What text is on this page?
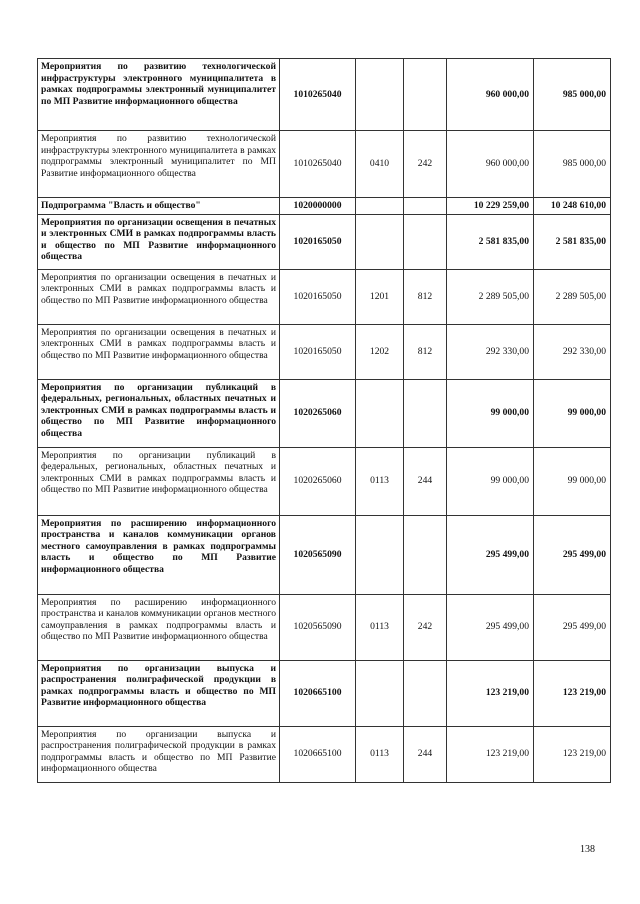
Мероприятия по развитию технологической инфраструктуры электронного муниципалитета в рамках подпрограммы электронный муниципалитет по МП Развитие информационного общества	1010265040			960 000,00	985 000,00
Мероприятия по развитию технологической инфраструктуры электронного муниципалитета в рамках подпрограммы электронный муниципалитет по МП Развитие информационного общества	1010265040	0410	242	960 000,00	985 000,00
Подпрограмма "Власть и общество"	1020000000			10 229 259,00	10 248 610,00
Мероприятия по организации освещения в печатных и электронных СМИ в рамках подпрограммы власть и общество по МП Развитие информационного общества	1020165050			2 581 835,00	2 581 835,00
Мероприятия по организации освещения в печатных и электронных СМИ в рамках подпрограммы власть и общество по МП Развитие информационного общества	1020165050	1201	812	2 289 505,00	2 289 505,00
Мероприятия по организации освещения в печатных и электронных СМИ в рамках подпрограммы власть и общество по МП Развитие информационного общества	1020165050	1202	812	292 330,00	292 330,00
Мероприятия по организации публикаций в федеральных, региональных, областных печатных и электронных СМИ в рамках подпрограммы власть и общество по МП Развитие информационного общества	1020265060			99 000,00	99 000,00
Мероприятия по организации публикаций в федеральных, региональных, областных печатных и электронных СМИ в рамках подпрограммы власть и общество по МП Развитие информационного общества	1020265060	0113	244	99 000,00	99 000,00
Мероприятия по расширению информационного пространства и каналов коммуникации органов местного самоуправления в рамках подпрограммы власть и общество по МП Развитие информационного общества	1020565090			295 499,00	295 499,00
Мероприятия по расширению информационного пространства и каналов коммуникации органов местного самоуправления в рамках подпрограммы власть и общество по МП Развитие информационного общества	1020565090	0113	242	295 499,00	295 499,00
Мероприятия по организации выпуска и распространения полиграфической продукции в рамках подпрограммы власть и общество по МП Развитие информационного общества	1020665100			123 219,00	123 219,00
Мероприятия по организации выпуска и распространения полиграфической продукции в рамках подпрограммы власть и общество по МП Развитие информационного общества	1020665100	0113	244	123 219,00	123 219,00
138
